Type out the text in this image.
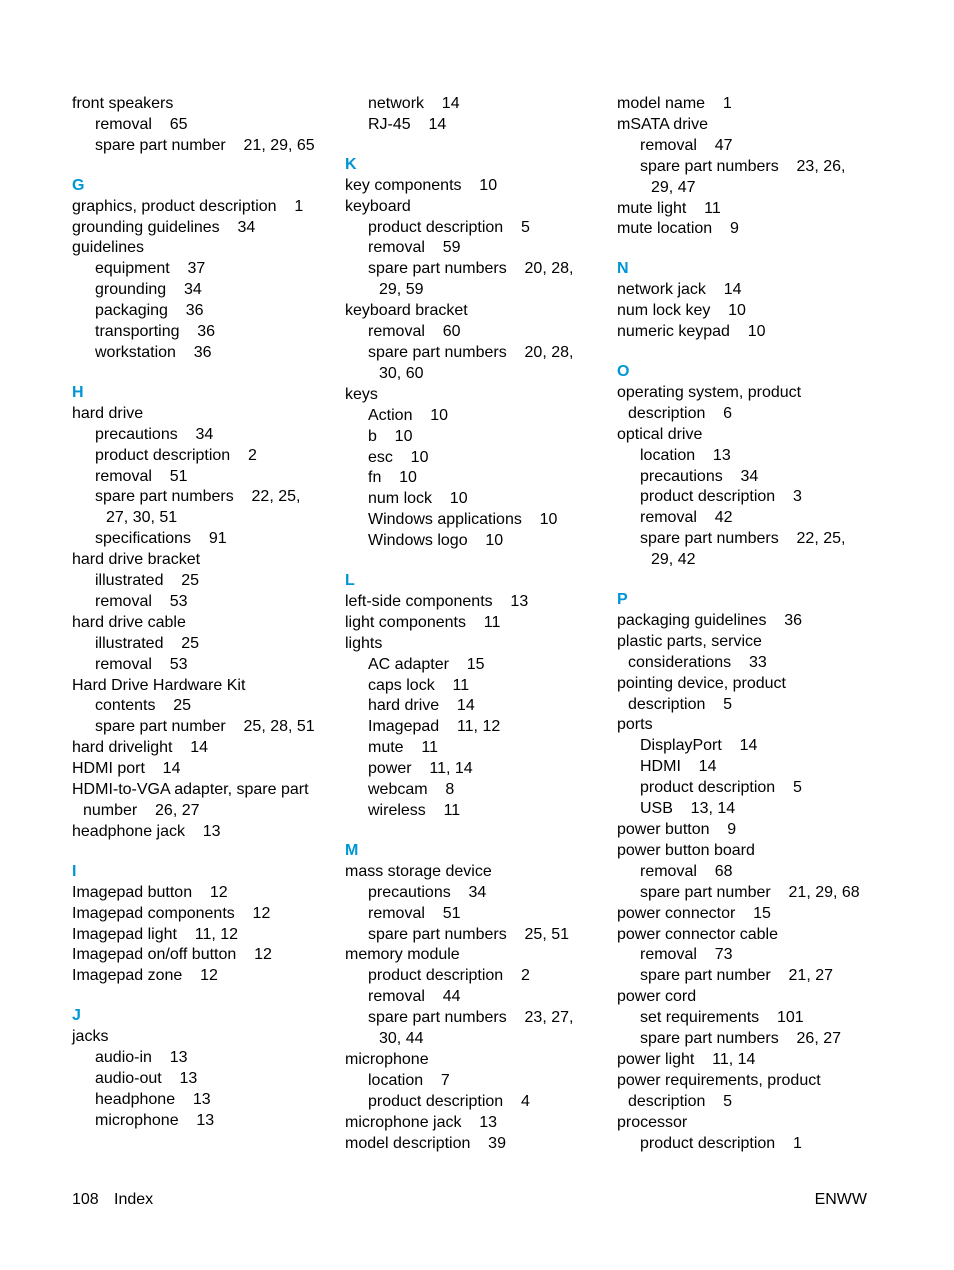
front speakers
removal    65
spare part number    21, 29, 65
G
graphics, product description    1
grounding guidelines    34
guidelines
equipment    37
grounding    34
packaging    36
transporting    36
workstation    36
H
hard drive
precautions    34
product description    2
removal    51
spare part numbers    22, 25,
27, 30, 51
specifications    91
hard drive bracket
illustrated    25
removal    53
hard drive cable
illustrated    25
removal    53
Hard Drive Hardware Kit
contents    25
spare part number    25, 28, 51
hard drivelight    14
HDMI port    14
HDMI-to-VGA adapter, spare part
number    26, 27
headphone jack    13
I
Imagepad button    12
Imagepad components    12
Imagepad light    11, 12
Imagepad on/off button    12
Imagepad zone    12
J
jacks
audio-in    13
audio-out    13
headphone    13
microphone    13
network    14
RJ-45    14
K
key components    10
keyboard
product description    5
removal    59
spare part numbers    20, 28,
29, 59
keyboard bracket
removal    60
spare part numbers    20, 28,
30, 60
keys
Action    10
b    10
esc    10
fn    10
num lock    10
Windows applications    10
Windows logo    10
L
left-side components    13
light components    11
lights
AC adapter    15
caps lock    11
hard drive    14
Imagepad    11, 12
mute    11
power    11, 14
webcam    8
wireless    11
M
mass storage device
precautions    34
removal    51
spare part numbers    25, 51
memory module
product description    2
removal    44
spare part numbers    23, 27,
30, 44
microphone
location    7
product description    4
microphone jack    13
model description    39
model name    1
mSATA drive
removal    47
spare part numbers    23, 26,
29, 47
mute light    11
mute location    9
N
network jack    14
num lock key    10
numeric keypad    10
O
operating system, product
description    6
optical drive
location    13
precautions    34
product description    3
removal    42
spare part numbers    22, 25,
29, 42
P
packaging guidelines    36
plastic parts, service
considerations    33
pointing device, product
description    5
ports
DisplayPort    14
HDMI    14
product description    5
USB    13, 14
power button    9
power button board
removal    68
spare part number    21, 29, 68
power connector    15
power connector cable
removal    73
spare part number    21, 27
power cord
set requirements    101
spare part numbers    26, 27
power light    11, 14
power requirements, product
description    5
processor
product description    1
108 Index	ENWW
